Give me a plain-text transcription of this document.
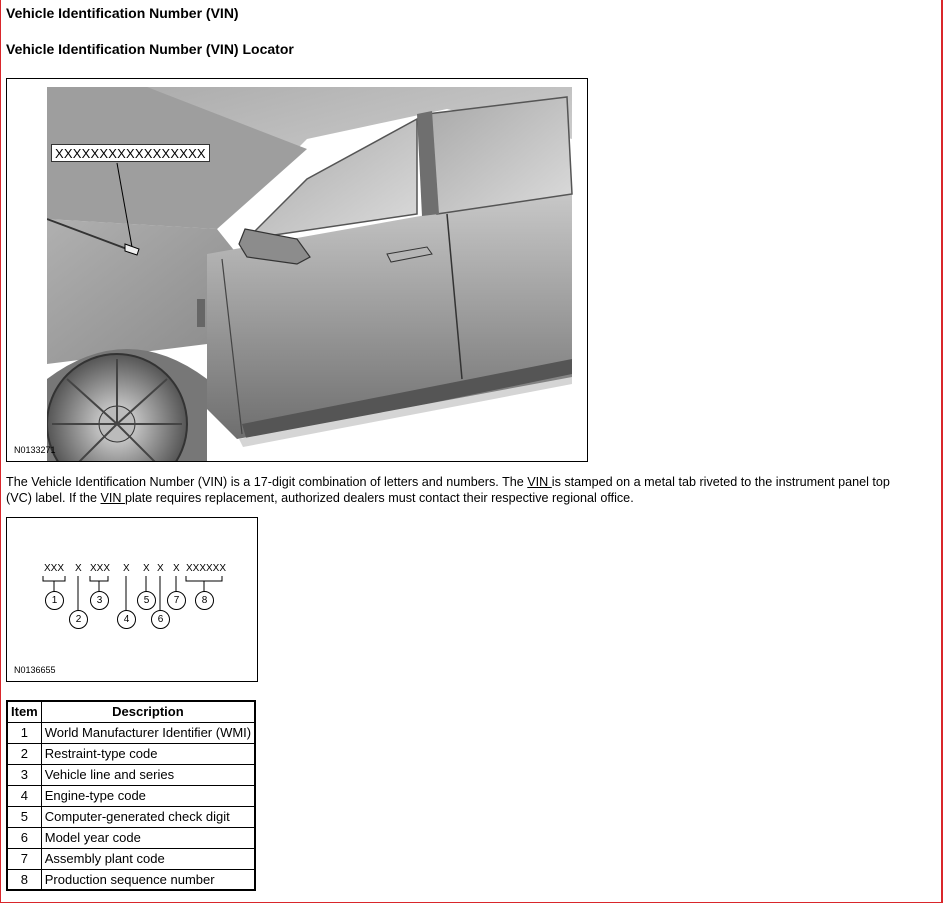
Vehicle Identification Number (VIN)
Vehicle Identification Number (VIN) Locator
XXXXXXXXXXXXXXXXX
N0133271
The Vehicle Identification Number (VIN) is a 17-digit combination of letters and numbers. The VIN is stamped on a metal tab riveted to the instrument panel top
(VC) label. If the VIN plate requires replacement, authorized dealers must contact their respective regional office.
XXX X XXX X X X X XXXXXX
1
2
3
4
5
6
7	8
N0136655
Item	Description
1	World Manufacturer Identifier (WMI)
2	Restraint-type code
3	Vehicle line and series
4	Engine-type code
5	Computer-generated check digit
6	Model year code
7	Assembly plant code
8	Production sequence number
